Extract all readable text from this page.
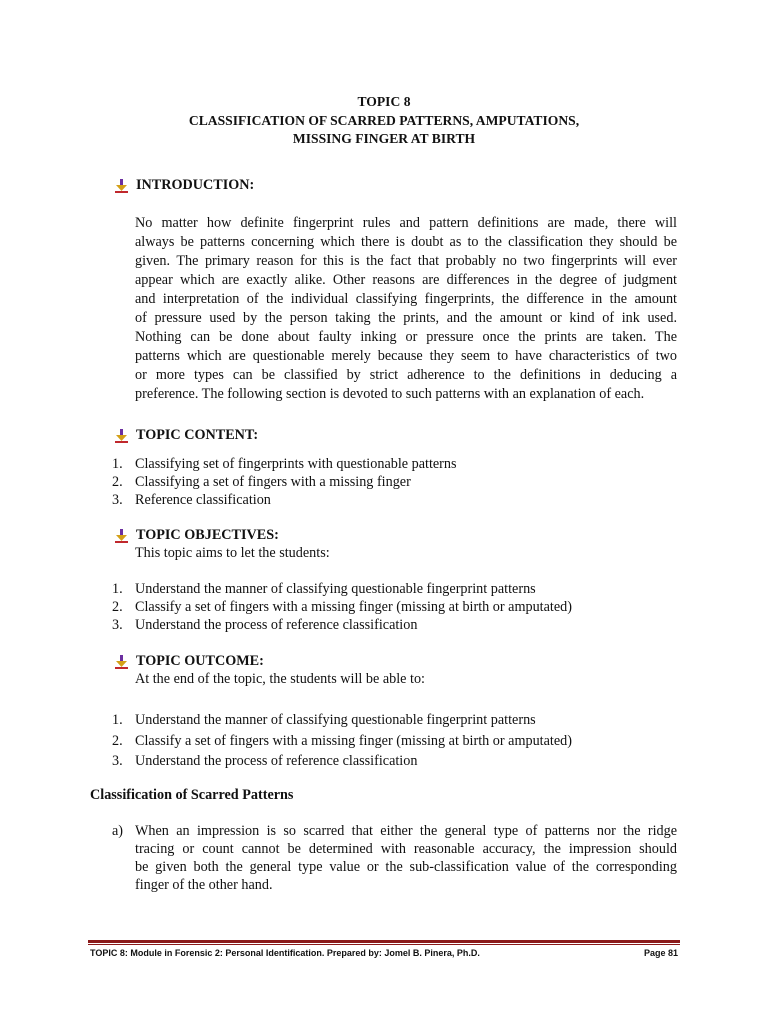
TOPIC 8
CLASSIFICATION OF SCARRED PATTERNS, AMPUTATIONS,
MISSING FINGER AT BIRTH
INTRODUCTION:
No matter how definite fingerprint rules and pattern definitions are made, there will
always be patterns concerning which there is doubt as to the classification they should be
given. The primary reason for this is the fact that probably no two fingerprints will ever
appear which are exactly alike. Other reasons are differences in the degree of judgment
and interpretation of the individual classifying fingerprints, the difference in the amount
of pressure used by the person taking the prints, and the amount or kind of ink used.
Nothing can be done about faulty inking or pressure once the prints are taken. The
patterns which are questionable merely because they seem to have characteristics of two
or more types can be classified by strict adherence to the definitions in deducing a
preference. The following section is devoted to such patterns with an explanation of each.
TOPIC CONTENT:
1. Classifying set of fingerprints with questionable patterns
2. Classifying a set of fingers with a missing finger
3. Reference classification
TOPIC OBJECTIVES:
This topic aims to let the students:
1. Understand the manner of classifying questionable fingerprint patterns
2. Classify a set of fingers with a missing finger (missing at birth or amputated)
3. Understand the process of reference classification
TOPIC OUTCOME:
At the end of the topic, the students will be able to:
1. Understand the manner of classifying questionable fingerprint patterns
2. Classify a set of fingers with a missing finger (missing at birth or amputated)
3. Understand the process of reference classification
Classification of Scarred Patterns
a) When an impression is so scarred that either the general type of patterns nor the ridge
tracing or count cannot be determined with reasonable accuracy, the impression should
be given both the general type value or the sub-classification value of the corresponding
finger of the other hand.
TOPIC 8: Module in Forensic 2: Personal Identification. Prepared by: Jomel B. Pinera, Ph.D.	Page 81
